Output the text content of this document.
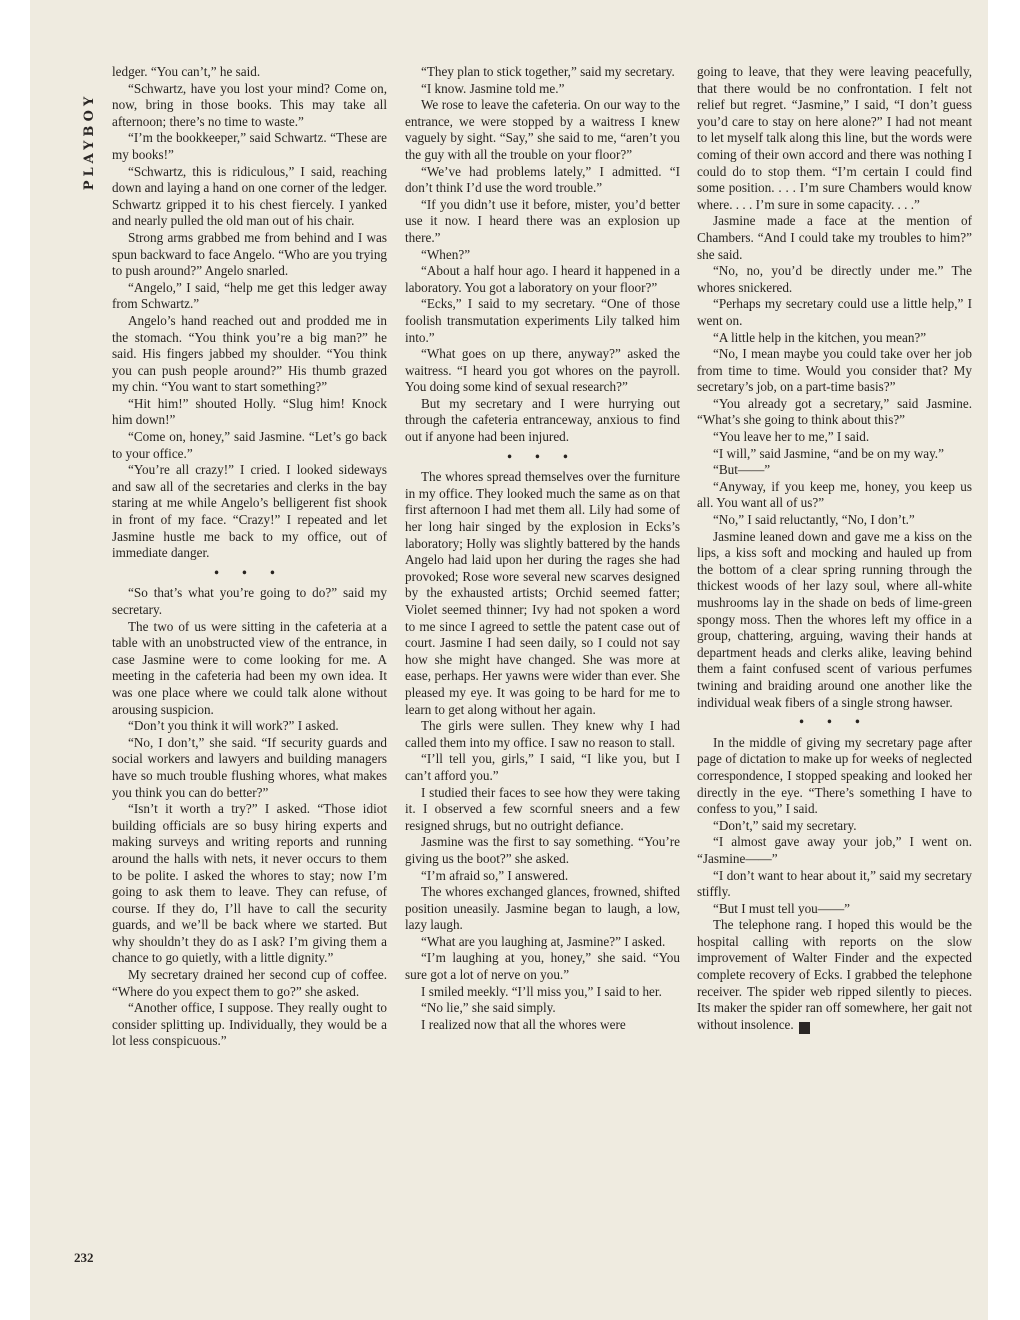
PLAYBOY

ledger. “You can’t,” he said.

“Schwartz, have you lost your mind? Come on, now, bring in those books. This may take all afternoon; there’s no time to waste.”

“I’m the bookkeeper,” said Schwartz. “These are my books!”

“Schwartz, this is ridiculous,” I said, reaching down and laying a hand on one corner of the ledger. Schwartz gripped it to his chest fiercely. I yanked and nearly pulled the old man out of his chair.

Strong arms grabbed me from behind and I was spun backward to face Angelo. “Who are you trying to push around?” Angelo snarled.

“Angelo,” I said, “help me get this ledger away from Schwartz.”

Angelo’s hand reached out and prodded me in the stomach. “You think you’re a big man?” he said. His fingers jabbed my shoulder. “You think you can push people around?” His thumb grazed my chin. “You want to start something?”

“Hit him!” shouted Holly. “Slug him! Knock him down!”

“Come on, honey,” said Jasmine. “Let’s go back to your office.”

“You’re all crazy!” I cried. I looked sideways and saw all of the secretaries and clerks in the bay staring at me while Angelo’s belligerent fist shook in front of my face. “Crazy!” I repeated and let Jasmine hustle me back to my office, out of immediate danger.

• • •

“So that’s what you’re going to do?” said my secretary.

The two of us were sitting in the cafeteria at a table with an unobstructed view of the entrance, in case Jasmine were to come looking for me. A meeting in the cafeteria had been my own idea. It was one place where we could talk alone without arousing suspicion.

“Don’t you think it will work?” I asked.

“No, I don’t,” she said. “If security guards and social workers and lawyers and building managers have so much trouble flushing whores, what makes you think you can do better?”

“Isn’t it worth a try?” I asked. “Those idiot building officials are so busy hiring experts and making surveys and writing reports and running around the halls with nets, it never occurs to them to be polite. I asked the whores to stay; now I’m going to ask them to leave. They can refuse, of course. If they do, I’ll have to call the security guards, and we’ll be back where we started. But why shouldn’t they do as I ask? I’m giving them a chance to go quietly, with a little dignity.”

My secretary drained her second cup of coffee. “Where do you expect them to go?” she asked.

“Another office, I suppose. They really ought to consider splitting up. Individually, they would be a lot less conspicuous.”

“They plan to stick together,” said my secretary.

“I know. Jasmine told me.”

We rose to leave the cafeteria. On our way to the entrance, we were stopped by a waitress I knew vaguely by sight. “Say,” she said to me, “aren’t you the guy with all the trouble on your floor?”

“We’ve had problems lately,” I admitted. “I don’t think I’d use the word trouble.”

“If you didn’t use it before, mister, you’d better use it now. I heard there was an explosion up there.”

“When?”

“About a half hour ago. I heard it happened in a laboratory. You got a laboratory on your floor?”

“Ecks,” I said to my secretary. “One of those foolish transmutation experiments Lily talked him into.”

“What goes on up there, anyway?” asked the waitress. “I heard you got whores on the payroll. You doing some kind of sexual research?”

But my secretary and I were hurrying out through the cafeteria entranceway, anxious to find out if anyone had been injured.

• • •

The whores spread themselves over the furniture in my office. They looked much the same as on that first afternoon I had met them all. Lily had some of her long hair singed by the explosion in Ecks’s laboratory; Holly was slightly battered by the hands Angelo had laid upon her during the rages she had provoked; Rose wore several new scarves designed by the exhausted artists; Orchid seemed fatter; Violet seemed thinner; Ivy had not spoken a word to me since I agreed to settle the patent case out of court. Jasmine I had seen daily, so I could not say how she might have changed. She was more at ease, perhaps. Her yawns were wider than ever. She pleased my eye. It was going to be hard for me to learn to get along without her again.

The girls were sullen. They knew why I had called them into my office. I saw no reason to stall.

“I’ll tell you, girls,” I said, “I like you, but I can’t afford you.”

I studied their faces to see how they were taking it. I observed a few scornful sneers and a few resigned shrugs, but no outright defiance.

Jasmine was the first to say something. “You’re giving us the boot?” she asked.

“I’m afraid so,” I answered.

The whores exchanged glances, frowned, shifted position uneasily. Jasmine began to laugh, a low, lazy laugh.

“What are you laughing at, Jasmine?” I asked.

“I’m laughing at you, honey,” she said. “You sure got a lot of nerve on you.”

I smiled meekly. “I’ll miss you,” I said to her.

“No lie,” she said simply.

I realized now that all the whores were

going to leave, that they were leaving peacefully, that there would be no confrontation. I felt not relief but regret. “Jasmine,” I said, “I don’t guess you’d care to stay on here alone?” I had not meant to let myself talk along this line, but the words were coming of their own accord and there was nothing I could do to stop them. “I’m certain I could find some position. . . . I’m sure Chambers would know where. . . . I’m sure in some capacity. . . .”

Jasmine made a face at the mention of Chambers. “And I could take my troubles to him?” she said.

“No, no, you’d be directly under me.” The whores snickered.

“Perhaps my secretary could use a little help,” I went on.

“A little help in the kitchen, you mean?”

“No, I mean maybe you could take over her job from time to time. Would you consider that? My secretary’s job, on a part-time basis?”

“You already got a secretary,” said Jasmine. “What’s she going to think about this?”

“You leave her to me,” I said.

“I will,” said Jasmine, “and be on my way.”

“But——”

“Anyway, if you keep me, honey, you keep us all. You want all of us?”

“No,” I said reluctantly, “No, I don’t.”

Jasmine leaned down and gave me a kiss on the lips, a kiss soft and mocking and hauled up from the bottom of a clear spring running through the thickest woods of her lazy soul, where all-white mushrooms lay in the shade on beds of lime-green spongy moss. Then the whores left my office in a group, chattering, arguing, waving their hands at department heads and clerks alike, leaving behind them a faint confused scent of various perfumes twining and braiding around one another like the individual weak fibers of a single strong hawser.

• • •

In the middle of giving my secretary page after page of dictation to make up for weeks of neglected correspondence, I stopped speaking and looked her directly in the eye. “There’s something I have to confess to you,” I said.

“Don’t,” said my secretary.

“I almost gave away your job,” I went on. “Jasmine——”

“I don’t want to hear about it,” said my secretary stiffly.

“But I must tell you——”

The telephone rang. I hoped this would be the hospital calling with reports on the slow improvement of Walter Finder and the expected complete recovery of Ecks. I grabbed the telephone receiver. The spider web ripped silently to pieces. Its maker the spider ran off somewhere, her gait not without insolence. ♦

232
